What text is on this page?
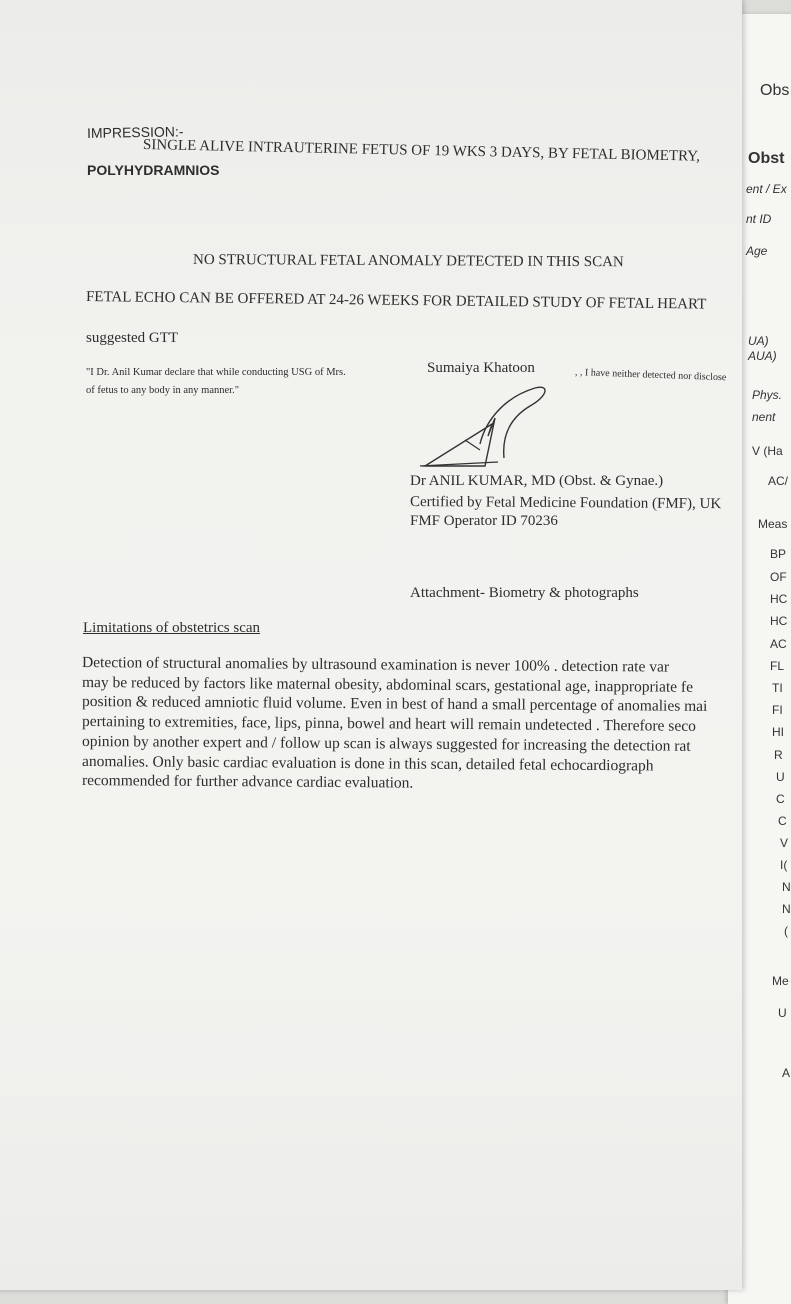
Obs
Obst
ent / Ex
nt ID
Age
UA)
AUA)
Phys.
nent
V (Ha
AC/
Meas
BP
OF
HC
HC
AC
FL
TI
FI
HI
R
U
C
C
V
I(
N
N
(
Me
U
A
IMPRESSION:-
SINGLE ALIVE INTRAUTERINE FETUS OF 19 WKS 3 DAYS, BY FETAL BIOMETRY,
POLYHYDRAMNIOS
NO STRUCTURAL FETAL ANOMALY DETECTED IN THIS SCAN
FETAL ECHO CAN BE OFFERED AT 24-26 WEEKS FOR DETAILED STUDY OF FETAL HEART
suggested GTT
"I Dr. Anil Kumar declare that while conducting USG of Mrs.	Sumaiya Khatoon	, , I have neither detected nor disclose
of fetus to any body in any manner."
Dr ANIL KUMAR, MD (Obst. & Gynae.)
Certified by Fetal Medicine Foundation (FMF), UK
FMF Operator ID 70236
Attachment- Biometry & photographs
Limitations of obstetrics scan
Detection of structural anomalies by ultrasound examination is never 100% . detection rate var
may be reduced by factors like maternal obesity, abdominal scars, gestational age, inappropriate fe
position & reduced amniotic fluid volume. Even in best of hand a small percentage of anomalies mai
pertaining to extremities, face, lips, pinna, bowel and heart will remain undetected . Therefore seco
opinion by another expert and / follow up scan is always suggested for increasing the detection rat
anomalies. Only basic cardiac evaluation is done in this scan, detailed fetal echocardiograph
recommended for further advance cardiac evaluation.
